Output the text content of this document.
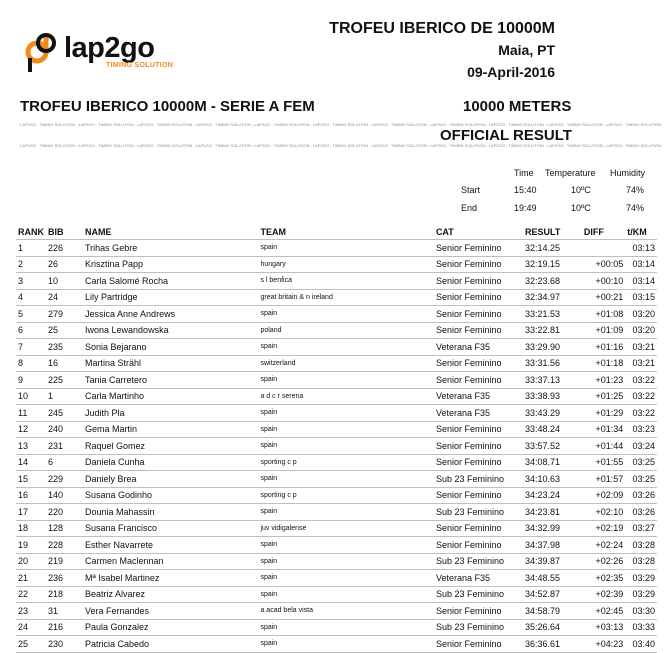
lap2go
TIMING SOLUTION
TROFEU IBERICO DE 10000M
Maia, PT
09-April-2016
TROFEU IBERICO 10000M - SERIE A FEM	10000 METERS
LAP2GO - TIMING SOLUTION - LAP2GO - TIMING SOLUTION - LAP2GO - TIMING SOLUTION - LAP2GO - TIMING SOLUTION - LAP2GO - TIMING SOLUTION - LAP2GO - TIMING SOLUTION - LAP2GO - TIMING SOLUTION - LAP2GO - TIMING SOLUTION - LAP2GO - TIMING SOLUTION - LAP2GO - TIMING SOLUTION - LAP2GO - TIMING SOLUTION
OFFICIAL RESULT
LAP2GO - TIMING SOLUTION - LAP2GO - TIMING SOLUTION - LAP2GO - TIMING SOLUTION - LAP2GO - TIMING SOLUTION - LAP2GO - TIMING SOLUTION - LAP2GO - TIMING SOLUTION - LAP2GO - TIMING SOLUTION - LAP2GO - TIMING SOLUTION - LAP2GO - TIMING SOLUTION - LAP2GO - TIMING SOLUTION - LAP2GO - TIMING SOLUTION
Time Temperature Humidity
Start	15:40	10ºC	74%
End	19:49	10ºC	74%
RANK	BIB	NAME	TEAM	CAT	RESULT	DIFF	t/KM
1	226	Trihas Gebre	spain	Senior Feminino	32:14.25		03:13
2	26	Krisztina Papp	hungary	Senior Feminino	32:19.15	+00:05	03:14
3	10	Carla Salomé Rocha	s l benfica	Senior Feminino	32:23.68	+00:10	03:14
4	24	Lily Partridge	great britain & n ireland	Senior Feminino	32:34.97	+00:21	03:15
5	279	Jessica Anne Andrews	spain	Senior Feminino	33:21.53	+01:08	03:20
6	25	Iwona Lewandowska	poland	Senior Feminino	33:22.81	+01:09	03:20
7	235	Sonia Bejarano	spain	Veterana F35	33:29.90	+01:16	03:21
8	16	Martina Strähl	switzerland	Senior Feminino	33:31.56	+01:18	03:21
9	225	Tania Carretero	spain	Senior Feminino	33:37.13	+01:23	03:22
10	1	Carla Martinho	a d c r serena	Veterana F35	33:38.93	+01:25	03:22
11	245	Judith Pla	spain	Veterana F35	33:43.29	+01:29	03:22
12	240	Gema Martin	spain	Senior Feminino	33:48.24	+01:34	03:23
13	231	Raquel Gomez	spain	Senior Feminino	33:57.52	+01:44	03:24
14	6	Daniela Cunha	sporting c p	Senior Feminino	34:08.71	+01:55	03:25
15	229	Daniely Brea	spain	Sub 23 Feminino	34:10.63	+01:57	03:25
16	140	Susana Godinho	sporting c p	Senior Feminino	34:23.24	+02:09	03:26
17	220	Dounia Mahassin	spain	Sub 23 Feminino	34:23.81	+02:10	03:26
18	128	Susana Francisco	juv vidigalense	Senior Feminino	34:32.99	+02:19	03:27
19	228	Esther Navarrete	spain	Senior Feminino	34:37.98	+02:24	03:28
20	219	Carmen Maclennan	spain	Sub 23 Feminino	34:39.87	+02:26	03:28
21	236	Mª Isabel Martinez	spain	Veterana F35	34:48.55	+02:35	03:29
22	218	Beatriz Alvarez	spain	Sub 23 Feminino	34:52.87	+02:39	03:29
23	31	Vera Fernandes	a acad bela vista	Senior Feminino	34:58.79	+02:45	03:30
24	216	Paula Gonzalez	spain	Sub 23 Feminino	35:26.64	+03:13	03:33
25	230	Patricia Cabedo	spain	Senior Feminino	36:36.61	+04:23	03:40
